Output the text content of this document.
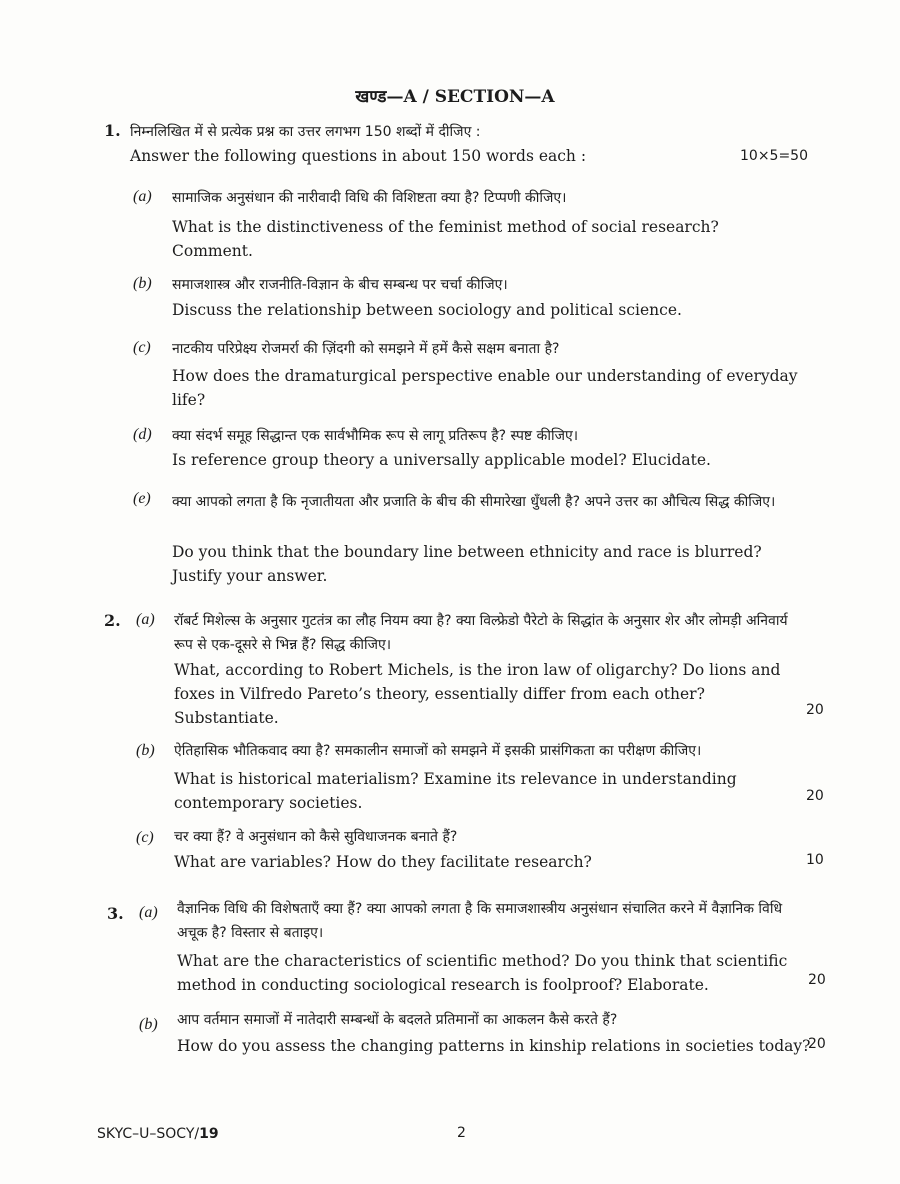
खण्ड—A / SECTION—A
1. निम्नलिखित में से प्रत्येक प्रश्न का उत्तर लगभग 150 शब्दों में दीजिए :
Answer the following questions in about 150 words each :	10×5=50
(a) सामाजिक अनुसंधान की नारीवादी विधि की विशिष्टता क्या है? टिप्पणी कीजिए।
What is the distinctiveness of the feminist method of social research? Comment.
(b) समाजशास्त्र और राजनीति-विज्ञान के बीच सम्बन्ध पर चर्चा कीजिए।
Discuss the relationship between sociology and political science.
(c) नाटकीय परिप्रेक्ष्य रोजमर्रा की ज़िंदगी को समझने में हमें कैसे सक्षम बनाता है?
How does the dramaturgical perspective enable our understanding of everyday life?
(d) क्या संदर्भ समूह सिद्धान्त एक सार्वभौमिक रूप से लागू प्रतिरूप है? स्पष्ट कीजिए।
Is reference group theory a universally applicable model? Elucidate.
(e) क्या आपको लगता है कि नृजातीयता और प्रजाति के बीच की सीमारेखा धुँधली है? अपने उत्तर का औचित्य सिद्ध कीजिए।
Do you think that the boundary line between ethnicity and race is blurred? Justify your answer.
2. (a) रॉबर्ट मिशेल्स के अनुसार गुटतंत्र का लौह नियम क्या है? क्या विल्फ्रेडो पैरेटो के सिद्धांत के अनुसार शेर और लोमड़ी अनिवार्य रूप से एक-दूसरे से भिन्न हैं? सिद्ध कीजिए।
What, according to Robert Michels, is the iron law of oligarchy? Do lions and foxes in Vilfredo Pareto’s theory, essentially differ from each other? Substantiate.	20
(b) ऐतिहासिक भौतिकवाद क्या है? समकालीन समाजों को समझने में इसकी प्रासंगिकता का परीक्षण कीजिए।
What is historical materialism? Examine its relevance in understanding contemporary societies.	20
(c) चर क्या हैं? वे अनुसंधान को कैसे सुविधाजनक बनाते हैं?
What are variables? How do they facilitate research?	10
3. (a) वैज्ञानिक विधि की विशेषताएँ क्या हैं? क्या आपको लगता है कि समाजशास्त्रीय अनुसंधान संचालित करने में वैज्ञानिक विधि अचूक है? विस्तार से बताइए।
What are the characteristics of scientific method? Do you think that scientific method in conducting sociological research is foolproof? Elaborate.	20
(b) आप वर्तमान समाजों में नातेदारी सम्बन्धों के बदलते प्रतिमानों का आकलन कैसे करते हैं?
How do you assess the changing patterns in kinship relations in societies today?
20
SKYC–U–SOCY/19	2
